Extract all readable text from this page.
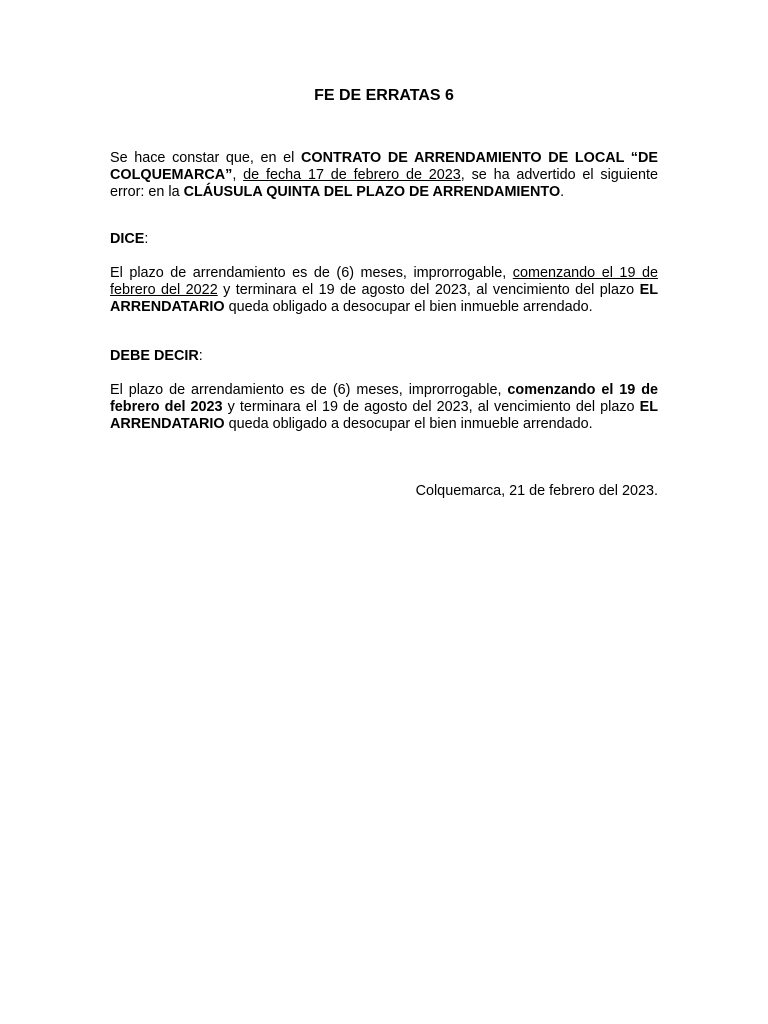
FE DE ERRATAS 6

Se hace constar que, en el CONTRATO DE ARRENDAMIENTO DE LOCAL “DE COLQUEMARCA”, de fecha 17 de febrero de 2023, se ha advertido el siguiente error: en la CLÁUSULA QUINTA DEL PLAZO DE ARRENDAMIENTO.

DICE:

El plazo de arrendamiento es de (6) meses, improrrogable, comenzando el 19 de febrero del 2022 y terminara el 19 de agosto del 2023, al vencimiento del plazo EL ARRENDATARIO queda obligado a desocupar el bien inmueble arrendado.

DEBE DECIR:

El plazo de arrendamiento es de (6) meses, improrrogable, comenzando el 19 de febrero del 2023 y terminara el 19 de agosto del 2023, al vencimiento del plazo EL ARRENDATARIO queda obligado a desocupar el bien inmueble arrendado.

Colquemarca, 21 de febrero del 2023.
